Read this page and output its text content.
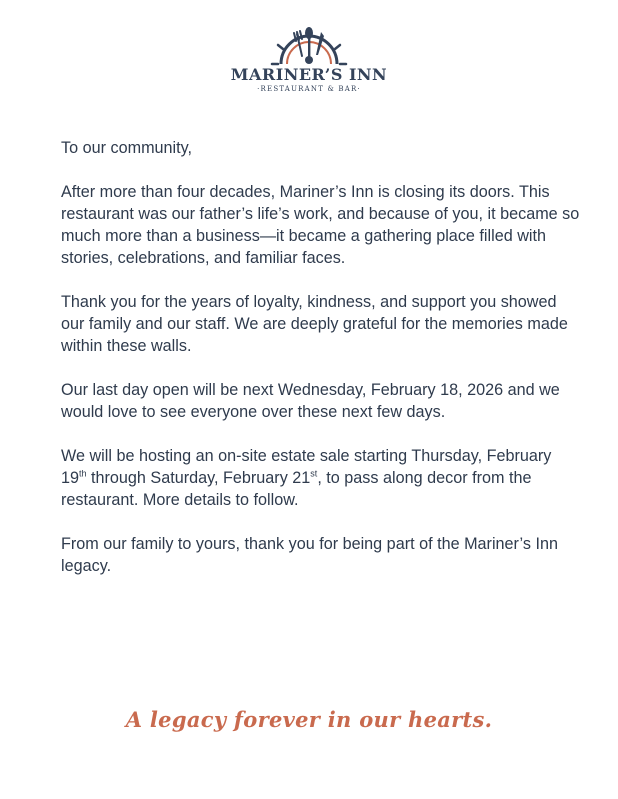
MARINER’S INN
·RESTAURANT & BAR·

To our community,

After more than four decades, Mariner’s Inn is closing its doors. This restaurant was our father’s life’s work, and because of you, it became so much more than a business—it became a gathering place filled with stories, celebrations, and familiar faces.

Thank you for the years of loyalty, kindness, and support you showed our family and our staff. We are deeply grateful for the memories made within these walls.

Our last day open will be next Wednesday, February 18, 2026 and we would love to see everyone over these next few days.

We will be hosting an on-site estate sale starting Thursday, February 19th through Saturday, February 21st, to pass along decor from the restaurant. More details to follow.

From our family to yours, thank you for being part of the Mariner’s Inn legacy.

A legacy forever in our hearts.
